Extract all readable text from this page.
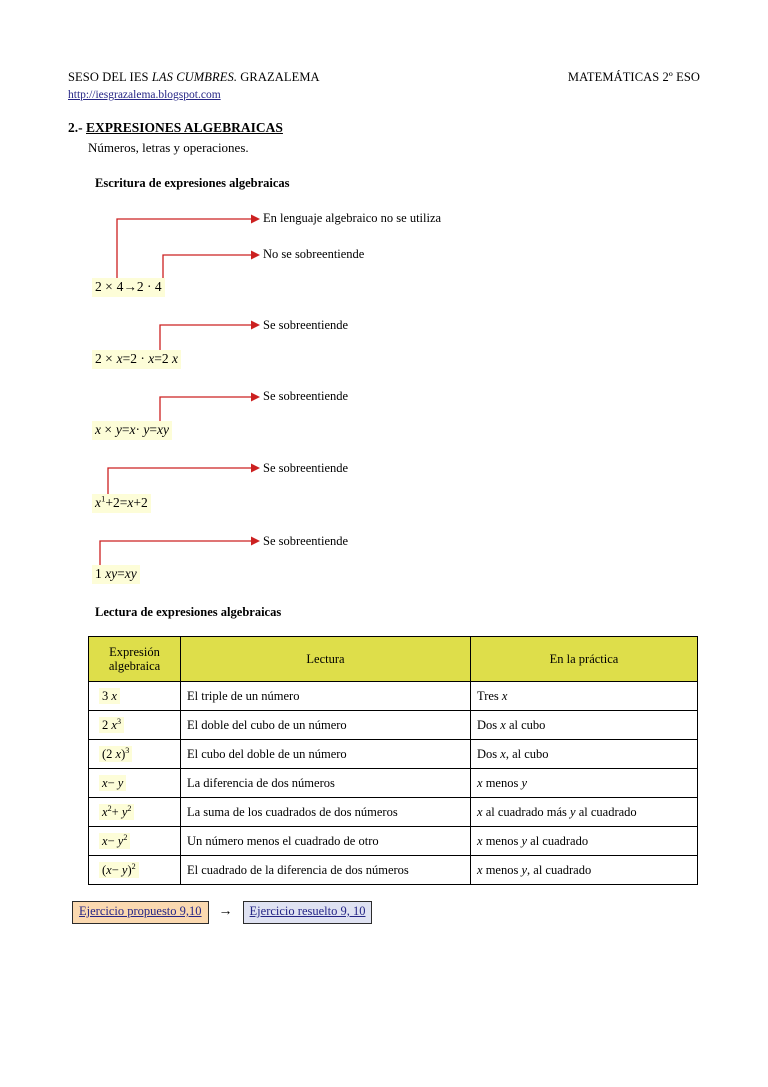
SESO DEL IES LAS CUMBRES. GRAZALEMA	MATEMÁTICAS 2º ESO
http://iesgrazalema.blogspot.com
2.- EXPRESIONES ALGEBRAICAS
Números, letras y operaciones.
Escritura de expresiones algebraicas
En lenguaje algebraico no se utiliza
No se sobreentiende
Se sobreentiende
Se sobreentiende
Se sobreentiende
Se sobreentiende
2 × 4→2 · 4
2 × x=2 · x=2 x
x × y=x· y=xy
$x^1+2=x+2$
1 xy=xy
Lectura de expresiones algebraicas
Expresión
algebraica	Lectura	En la práctica
3 x	El triple de un número	Tres x
2 $x^3$	El doble del cubo de un número	Dos x al cubo
(2 x)$^3$	El cubo del doble de un número	Dos x, al cubo
x− y	La diferencia de dos números	x menos y
$x^2+ y^2$	La suma de los cuadrados de dos números	x al cuadrado más y al cuadrado
$x- y^2$	Un número menos el cuadrado de otro	x menos y al cuadrado
$(x- y)^2$	El cuadrado de la diferencia de dos números	x menos y, al cuadrado
Ejercicio propuesto 9,10	→	Ejercicio resuelto 9, 10
